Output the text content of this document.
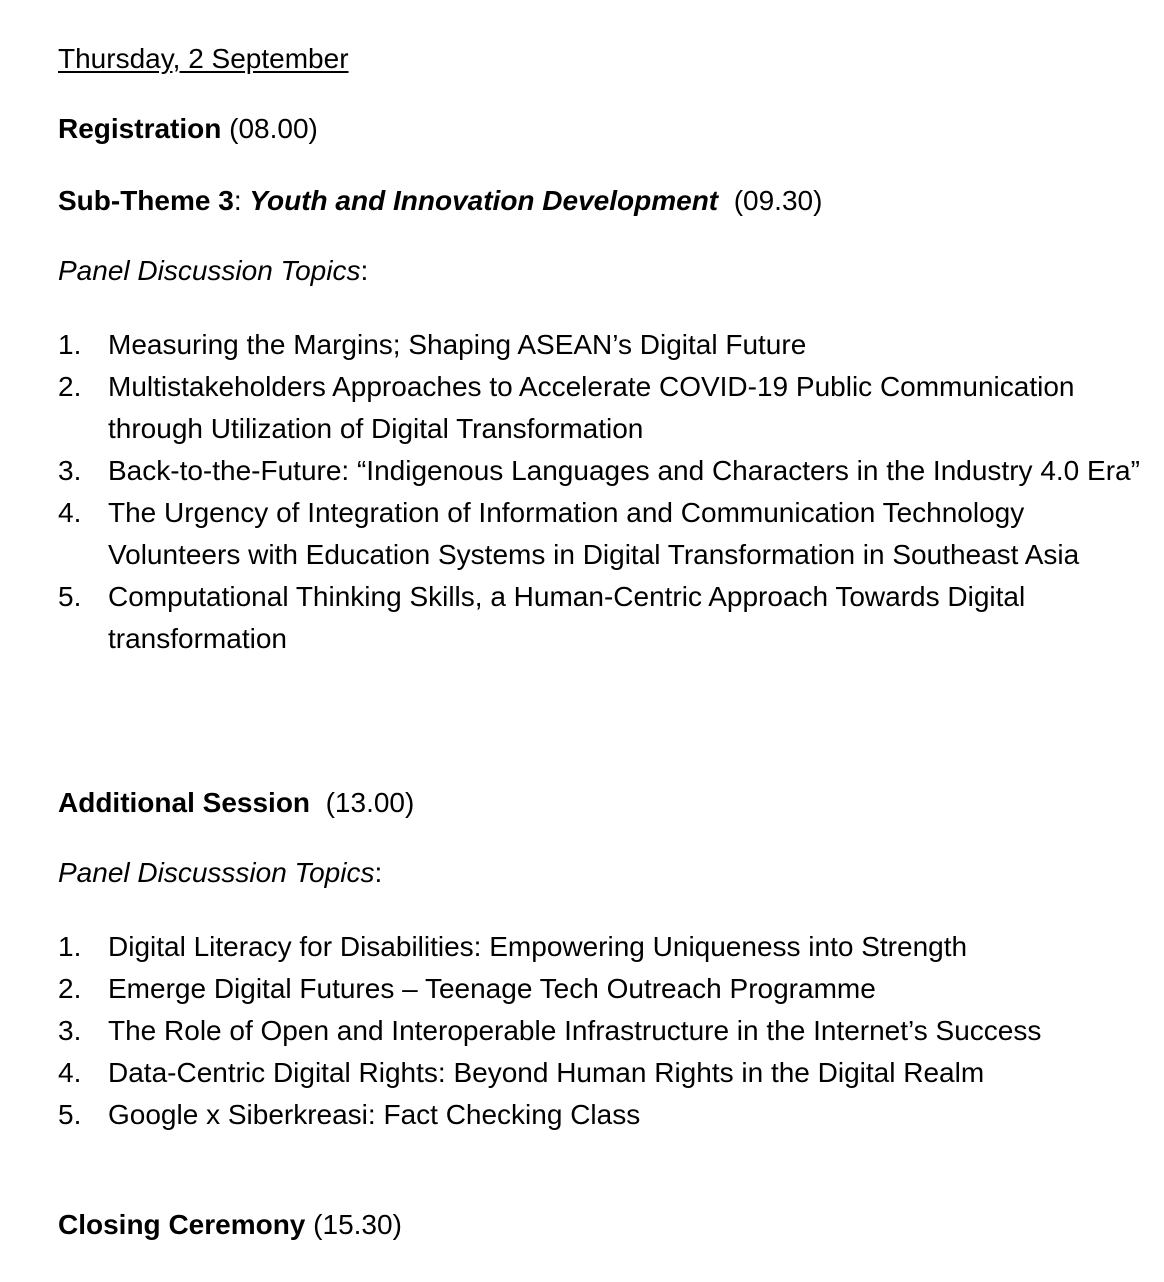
Thursday, 2 September
Registration (08.00)
Sub-Theme 3: Youth and Innovation Development (09.30)
Panel Discussion Topics:
1. Measuring the Margins; Shaping ASEAN’s Digital Future
2. Multistakeholders Approaches to Accelerate COVID-19 Public Communication through Utilization of Digital Transformation
3. Back-to-the-Future: “Indigenous Languages and Characters in the Industry 4.0 Era”
4. The Urgency of Integration of Information and Communication Technology Volunteers with Education Systems in Digital Transformation in Southeast Asia
5. Computational Thinking Skills, a Human-Centric Approach Towards Digital transformation
Additional Session (13.00)
Panel Discusssion Topics:
1. Digital Literacy for Disabilities: Empowering Uniqueness into Strength
2. Emerge Digital Futures – Teenage Tech Outreach Programme
3. The Role of Open and Interoperable Infrastructure in the Internet’s Success
4. Data-Centric Digital Rights: Beyond Human Rights in the Digital Realm
5. Google x Siberkreasi: Fact Checking Class
Closing Ceremony (15.30)
